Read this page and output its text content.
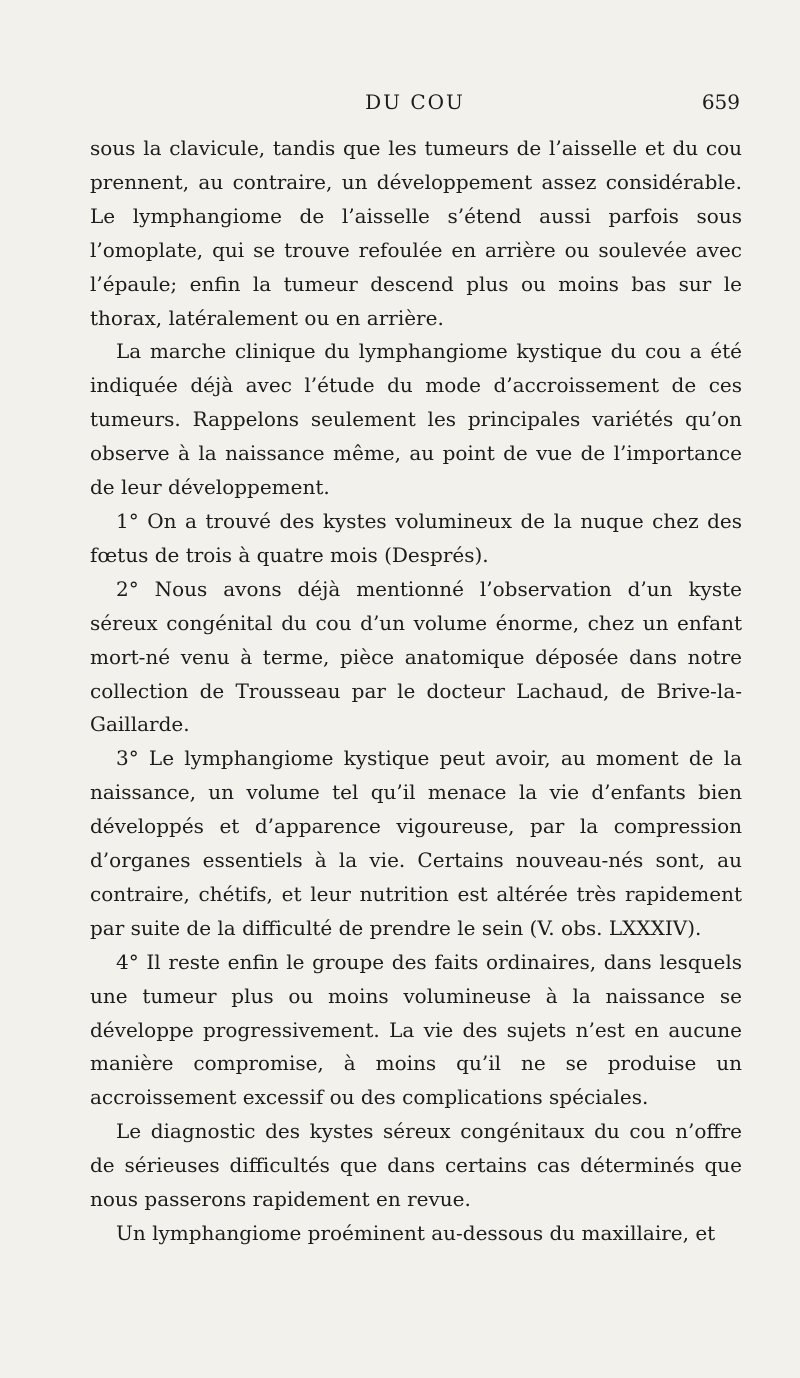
DU COU	659

sous la clavicule, tandis que les tumeurs de l’aisselle et du cou prennent, au contraire, un développement assez considérable. Le lymphangiome de l’aisselle s’étend aussi parfois sous l’omoplate, qui se trouve refoulée en arrière ou soulevée avec l’épaule; enfin la tumeur descend plus ou moins bas sur le thorax, latéralement ou en arrière.

La marche clinique du lymphangiome kystique du cou a été indiquée déjà avec l’étude du mode d’accroissement de ces tumeurs. Rappelons seulement les principales variétés qu’on observe à la naissance même, au point de vue de l’importance de leur développement.

1° On a trouvé des kystes volumineux de la nuque chez des fœtus de trois à quatre mois (Després).

2° Nous avons déjà mentionné l’observation d’un kyste séreux congénital du cou d’un volume énorme, chez un enfant mort-né venu à terme, pièce anatomique déposée dans notre collection de Trousseau par le docteur Lachaud, de Brive-la-Gaillarde.

3° Le lymphangiome kystique peut avoir, au moment de la naissance, un volume tel qu’il menace la vie d’enfants bien développés et d’apparence vigoureuse, par la compression d’organes essentiels à la vie. Certains nouveau-nés sont, au contraire, chétifs, et leur nutrition est altérée très rapidement par suite de la difficulté de prendre le sein (V. obs. LXXXIV).

4° Il reste enfin le groupe des faits ordinaires, dans lesquels une tumeur plus ou moins volumineuse à la naissance se développe progressivement. La vie des sujets n’est en aucune manière compromise, à moins qu’il ne se produise un accroissement excessif ou des complications spéciales.

Le diagnostic des kystes séreux congénitaux du cou n’offre de sérieuses difficultés que dans certains cas déterminés que nous passerons rapidement en revue.

Un lymphangiome proéminent au-dessous du maxillaire, et
